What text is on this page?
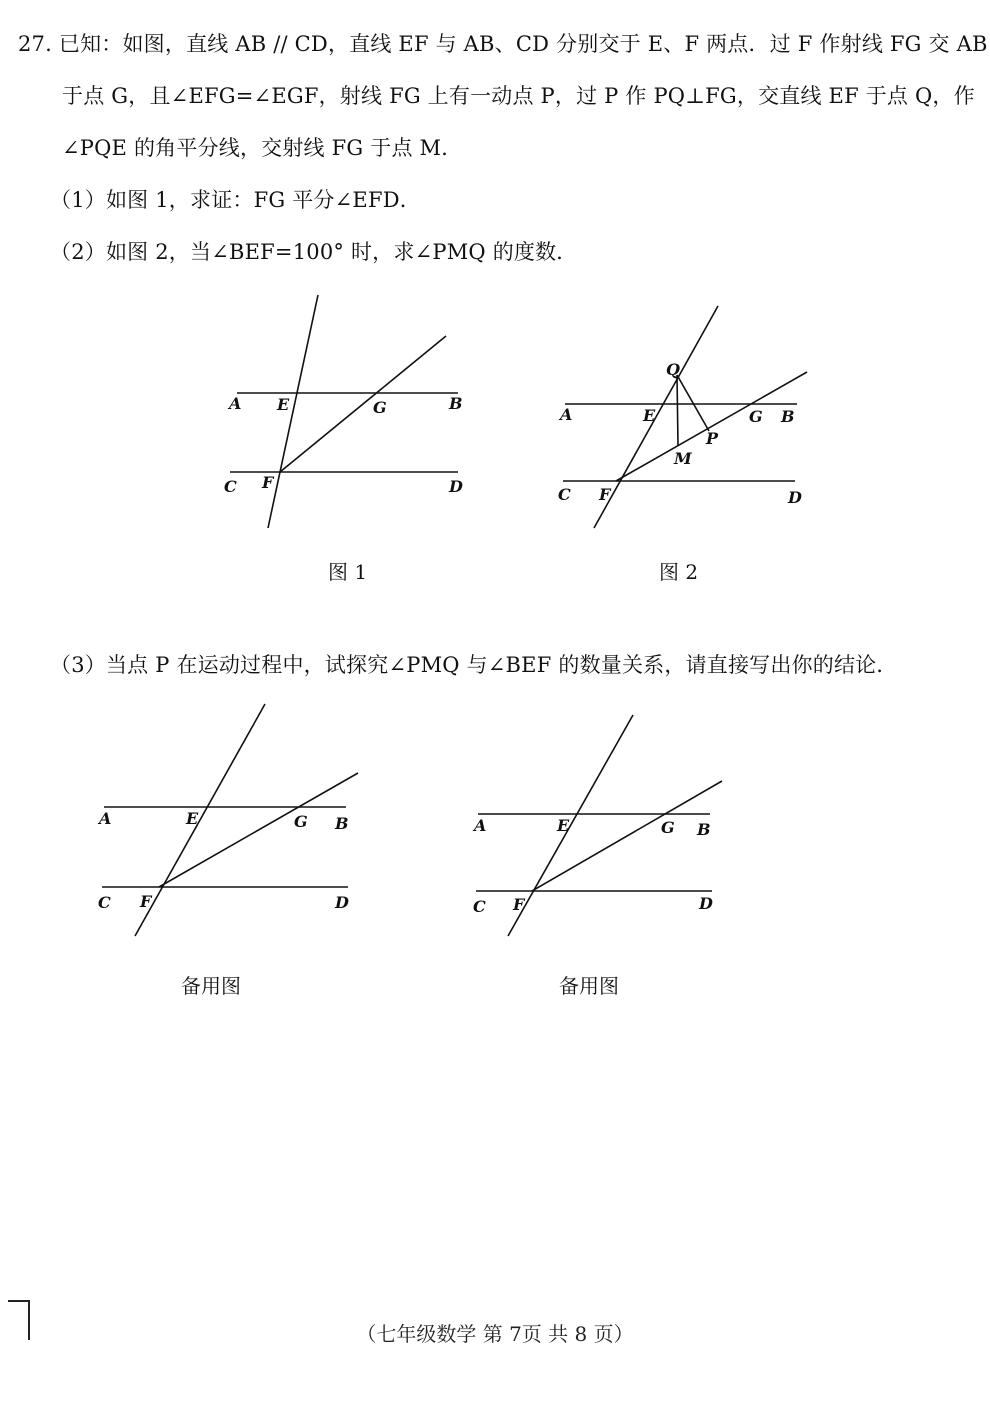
27. 已知：如图，直线 AB // CD，直线 EF 与 AB、CD 分别交于 E、F 两点．过 F 作射线 FG 交 AB
于点 G，且∠EFG=∠EGF，射线 FG 上有一动点 P，过 P 作 PQ⊥FG，交直线 EF 于点 Q，作
∠PQE 的角平分线，交射线 FG 于点 M．
（1）如图 1，求证：FG 平分∠EFD．
（2）如图 2，当∠BEF=100° 时，求∠PMQ 的度数．
A E	G	B
C F	D
Q
A	E	G B
P
M
C F	D
A	E	G B
C F	D
A	E	G B
C F	D
图 1	图 2
（3）当点 P 在运动过程中，试探究∠PMQ 与∠BEF 的数量关系，请直接写出你的结论．
备用图	备用图
（七年级数学 第 7页 共 8 页）
